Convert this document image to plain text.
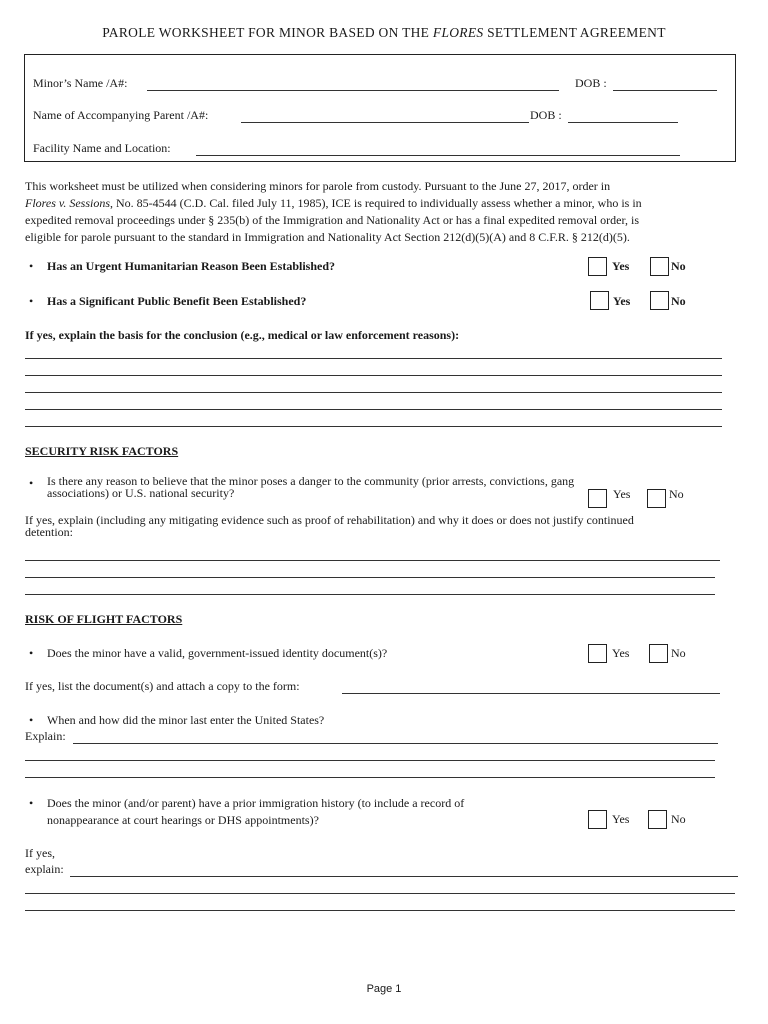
PAROLE WORKSHEET FOR MINOR BASED ON THE FLORES SETTLEMENT AGREEMENT
Minor’s Name /A#:	DOB :
Name of Accompanying Parent /A#:	DOB :
Facility Name and Location:
This worksheet must be utilized when considering minors for parole from custody. Pursuant to the June 27, 2017, order in
Flores v. Sessions, No. 85-4544 (C.D. Cal. filed July 11, 1985), ICE is required to individually assess whether a minor, who is in
expedited removal proceedings under § 235(b) of the Immigration and Nationality Act or has a final expedited removal order, is
eligible for parole pursuant to the standard in Immigration and Nationality Act Section 212(d)(5)(A) and 8 C.F.R. § 212(d)(5).
• Has an Urgent Humanitarian Reason Been Established?	Yes	No
• Has a Significant Public Benefit Been Established?	Yes	No
If yes, explain the basis for the conclusion (e.g., medical or law enforcement reasons):
SECURITY RISK FACTORS
• Is there any reason to believe that the minor poses a danger to the community (prior arrests, convictions, gang
associations) or U.S. national security?	Yes	No
If yes, explain (including any mitigating evidence such as proof of rehabilitation) and why it does or does not justify continued
detention:
RISK OF FLIGHT FACTORS
• Does the minor have a valid, government-issued identity document(s)?	Yes	No
If yes, list the document(s) and attach a copy to the form:
• When and how did the minor last enter the United States?
Explain:
• Does the minor (and/or parent) have a prior immigration history (to include a record of
nonappearance at court hearings or DHS appointments)?	Yes	No
If yes,
explain:
Page 1
